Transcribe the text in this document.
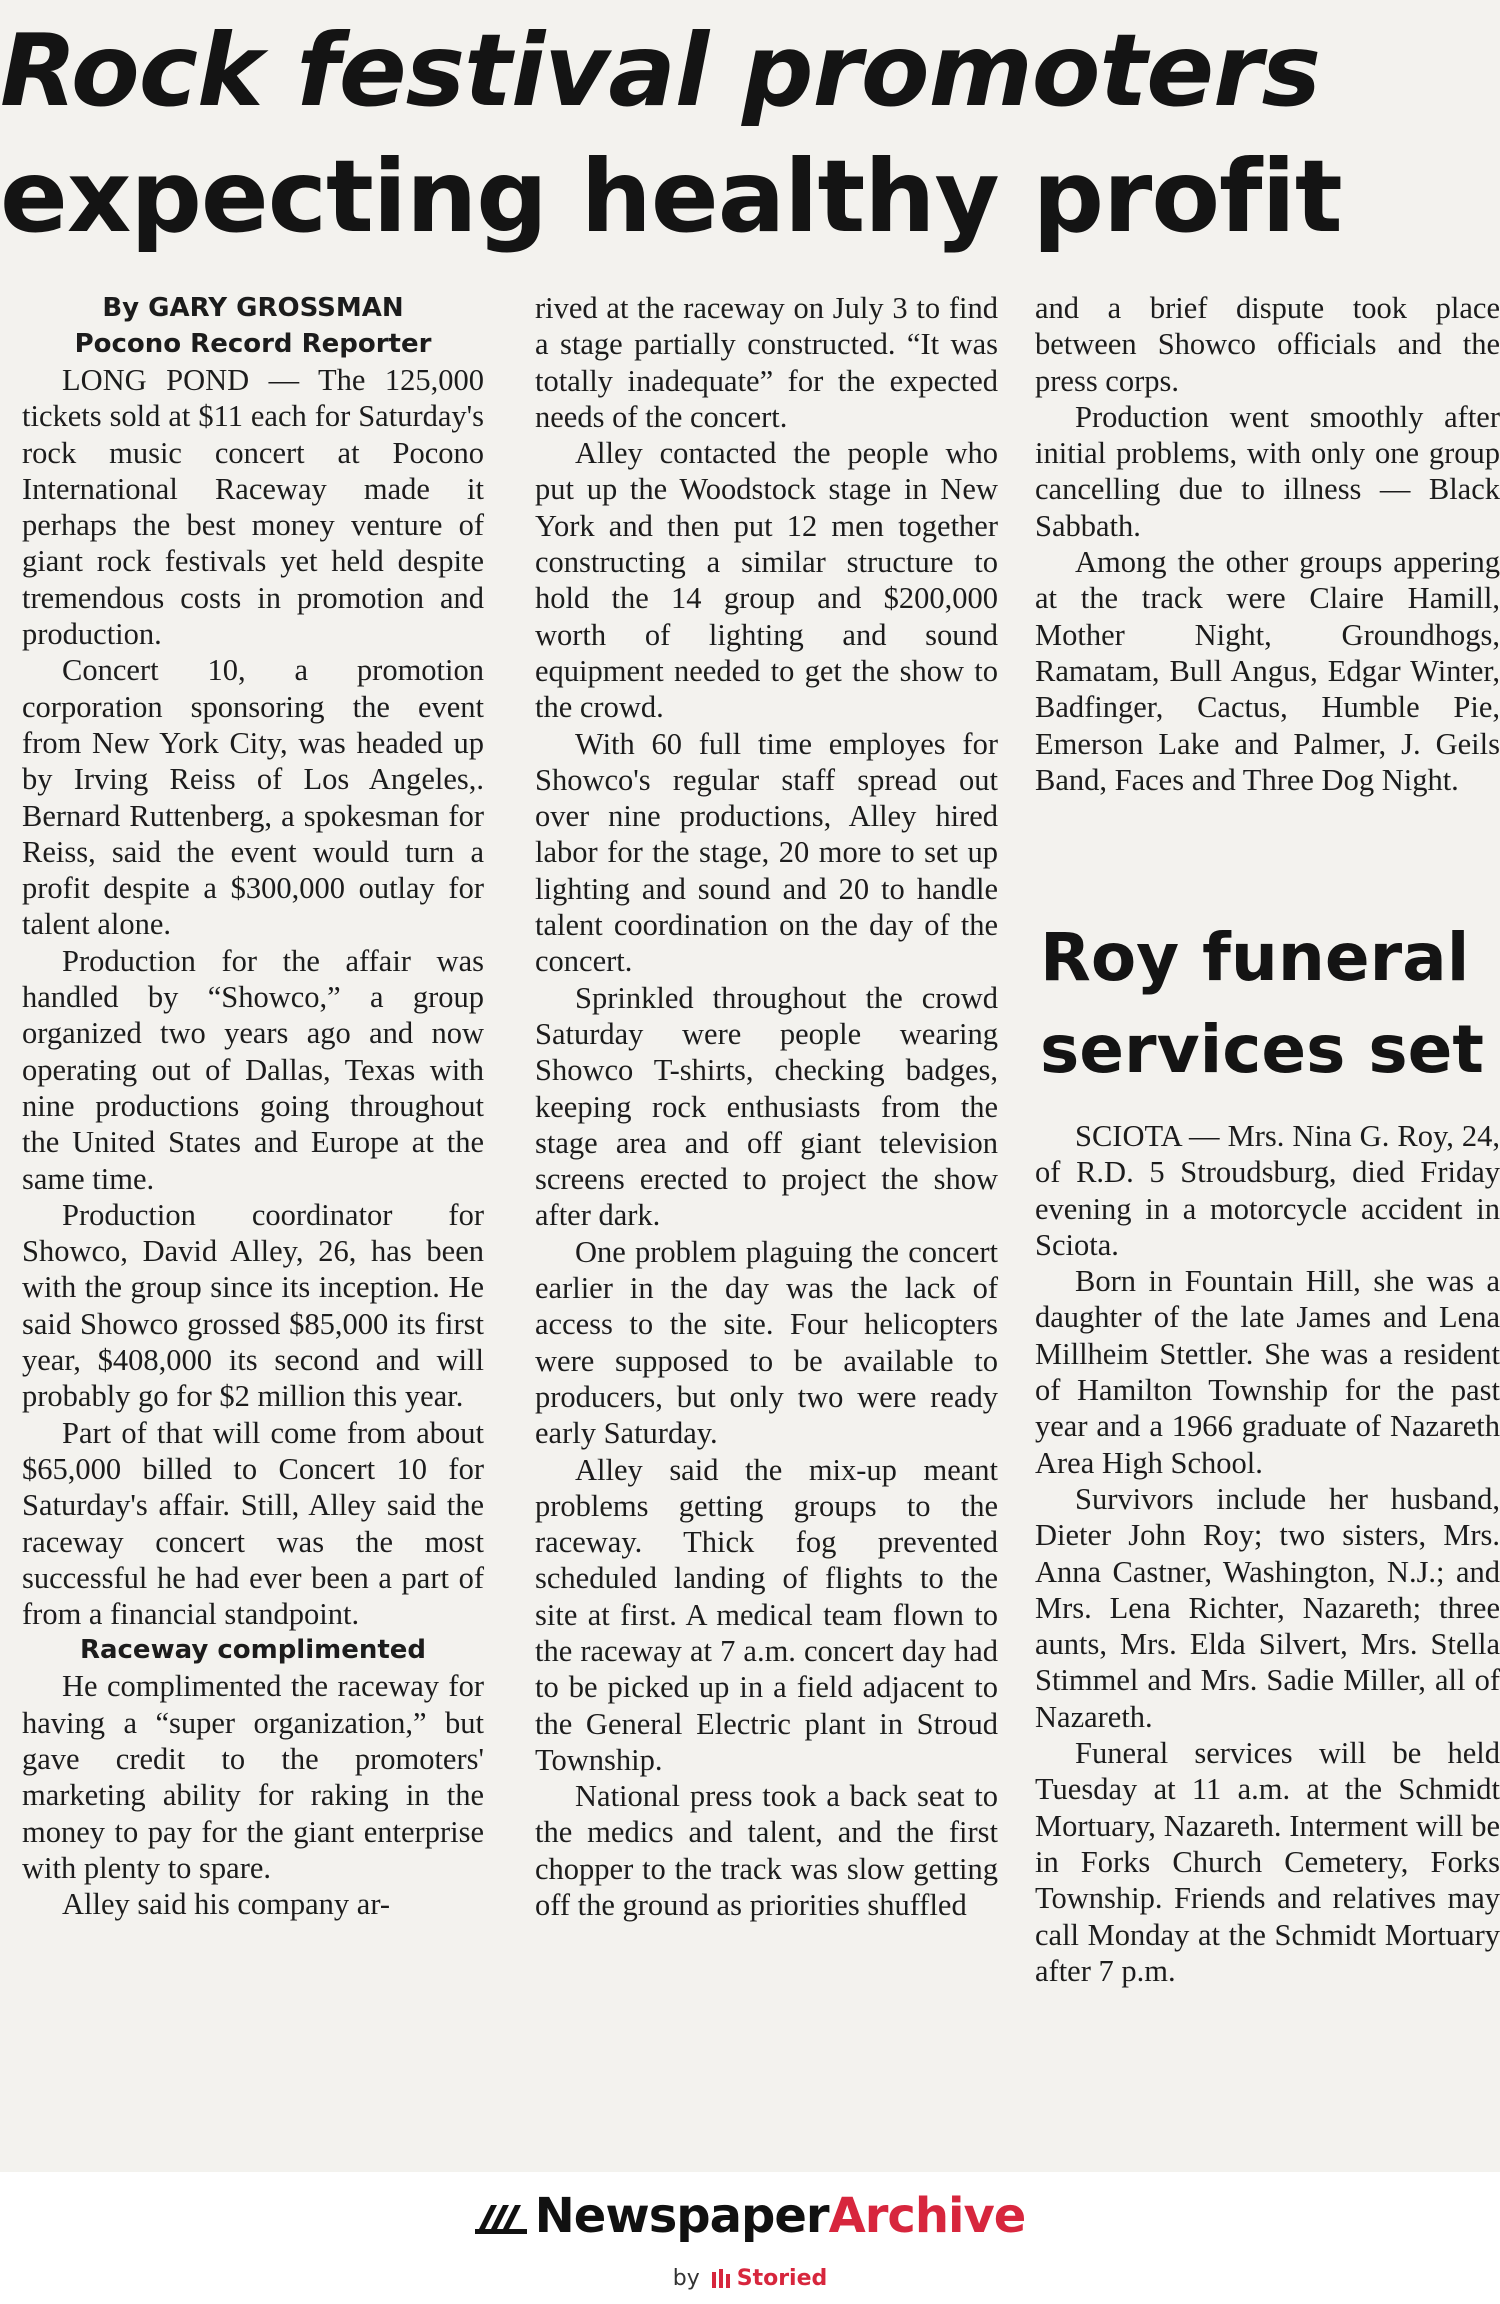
Rock festival promoters
expecting healthy profit
By GARY GROSSMAN
Pocono Record Reporter

LONG POND — The 125,000 tickets sold at $11 each for Saturday's rock music concert at Pocono International Raceway made it perhaps the best money venture of giant rock festivals yet held despite tremendous costs in promotion and production.

Concert 10, a promotion corporation sponsoring the event from New York City, was headed up by Irving Reiss of Los Angeles,. Bernard Ruttenberg, a spokesman for Reiss, said the event would turn a profit despite a $300,000 outlay for talent alone.

Production for the affair was handled by “Showco,” a group organized two years ago and now operating out of Dallas, Texas with nine productions going throughout the United States and Europe at the same time.

Production coordinator for Showco, David Alley, 26, has been with the group since its inception. He said Showco grossed $85,000 its first year, $408,000 its second and will probably go for $2 million this year.

Part of that will come from about $65,000 billed to Concert 10 for Saturday's affair. Still, Alley said the raceway concert was the most successful he had ever been a part of from a financial standpoint.

Raceway complimented

He complimented the raceway for having a “super organization,” but gave credit to the promoters' marketing ability for raking in the money to pay for the giant enterprise with plenty to spare.

Alley said his company ar-

rived at the raceway on July 3 to find a stage partially constructed. “It was totally inadequate” for the expected needs of the concert.

Alley contacted the people who put up the Woodstock stage in New York and then put 12 men together constructing a similar structure to hold the 14 group and $200,000 worth of lighting and sound equipment needed to get the show to the crowd.

With 60 full time employes for Showco's regular staff spread out over nine productions, Alley hired labor for the stage, 20 more to set up lighting and sound and 20 to handle talent coordination on the day of the concert.

Sprinkled throughout the crowd Saturday were people wearing Showco T-shirts, checking badges, keeping rock enthusiasts from the stage area and off giant television screens erected to project the show after dark.

One problem plaguing the concert earlier in the day was the lack of access to the site. Four helicopters were supposed to be available to producers, but only two were ready early Saturday.

Alley said the mix-up meant problems getting groups to the raceway. Thick fog prevented scheduled landing of flights to the site at first. A medical team flown to the raceway at 7 a.m. concert day had to be picked up in a field adjacent to the General Electric plant in Stroud Township.

National press took a back seat to the medics and talent, and the first chopper to the track was slow getting off the ground as priorities shuffled

and a brief dispute took place between Showco officials and the press corps.

Production went smoothly after initial problems, with only one group cancelling due to illness — Black Sabbath.

Among the other groups appering at the track were Claire Hamill, Mother Night, Groundhogs, Ramatam, Bull Angus, Edgar Winter, Badfinger, Cactus, Humble Pie, Emerson Lake and Palmer, J. Geils Band, Faces and Three Dog Night.

Roy funeral services set

SCIOTA — Mrs. Nina G. Roy, 24, of R.D. 5 Stroudsburg, died Friday evening in a motorcycle accident in Sciota.

Born in Fountain Hill, she was a daughter of the late James and Lena Millheim Stettler. She was a resident of Hamilton Township for the past year and a 1966 graduate of Nazareth Area High School.

Survivors include her husband, Dieter John Roy; two sisters, Mrs. Anna Castner, Washington, N.J.; and Mrs. Lena Richter, Nazareth; three aunts, Mrs. Elda Silvert, Mrs. Stella Stimmel and Mrs. Sadie Miller, all of Nazareth.

Funeral services will be held Tuesday at 11 a.m. at the Schmidt Mortuary, Nazareth. Interment will be in Forks Church Cemetery, Forks Township. Friends and relatives may call Monday at the Schmidt Mortuary after 7 p.m.

NewspaperArchive
by Storied
